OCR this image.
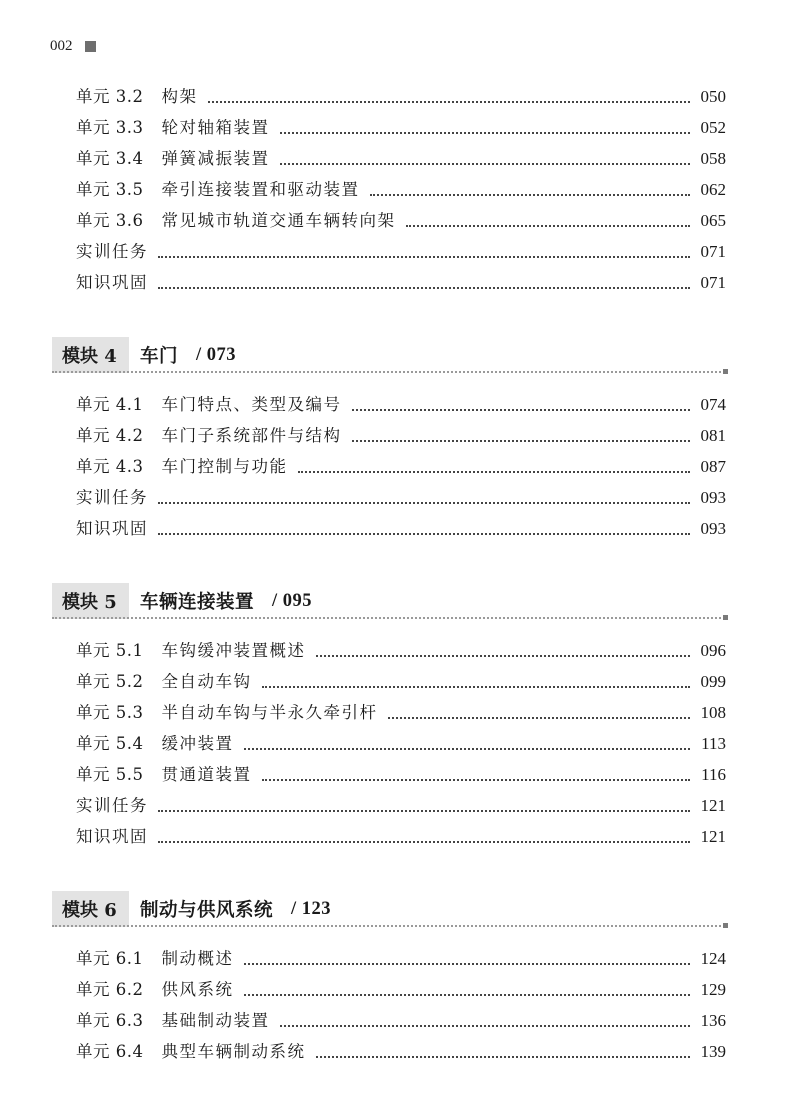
002
单元 3.2 构架	050
单元 3.3 轮对轴箱装置	052
单元 3.4 弹簧减振装置	058
单元 3.5 牵引连接装置和驱动装置	062
单元 3.6 常见城市轨道交通车辆转向架	065
实训任务	071
知识巩固	071
模块 4 车门 / 073
单元 4.1 车门特点、类型及编号	074
单元 4.2 车门子系统部件与结构	081
单元 4.3 车门控制与功能	087
实训任务	093
知识巩固	093
模块 5 车辆连接装置 / 095
单元 5.1 车钩缓冲装置概述	096
单元 5.2 全自动车钩	099
单元 5.3 半自动车钩与半永久牵引杆	108
单元 5.4 缓冲装置	113
单元 5.5 贯通道装置	116
实训任务	121
知识巩固	121
模块 6 制动与供风系统 / 123
单元 6.1 制动概述	124
单元 6.2 供风系统	129
单元 6.3 基础制动装置	136
单元 6.4 典型车辆制动系统	139
